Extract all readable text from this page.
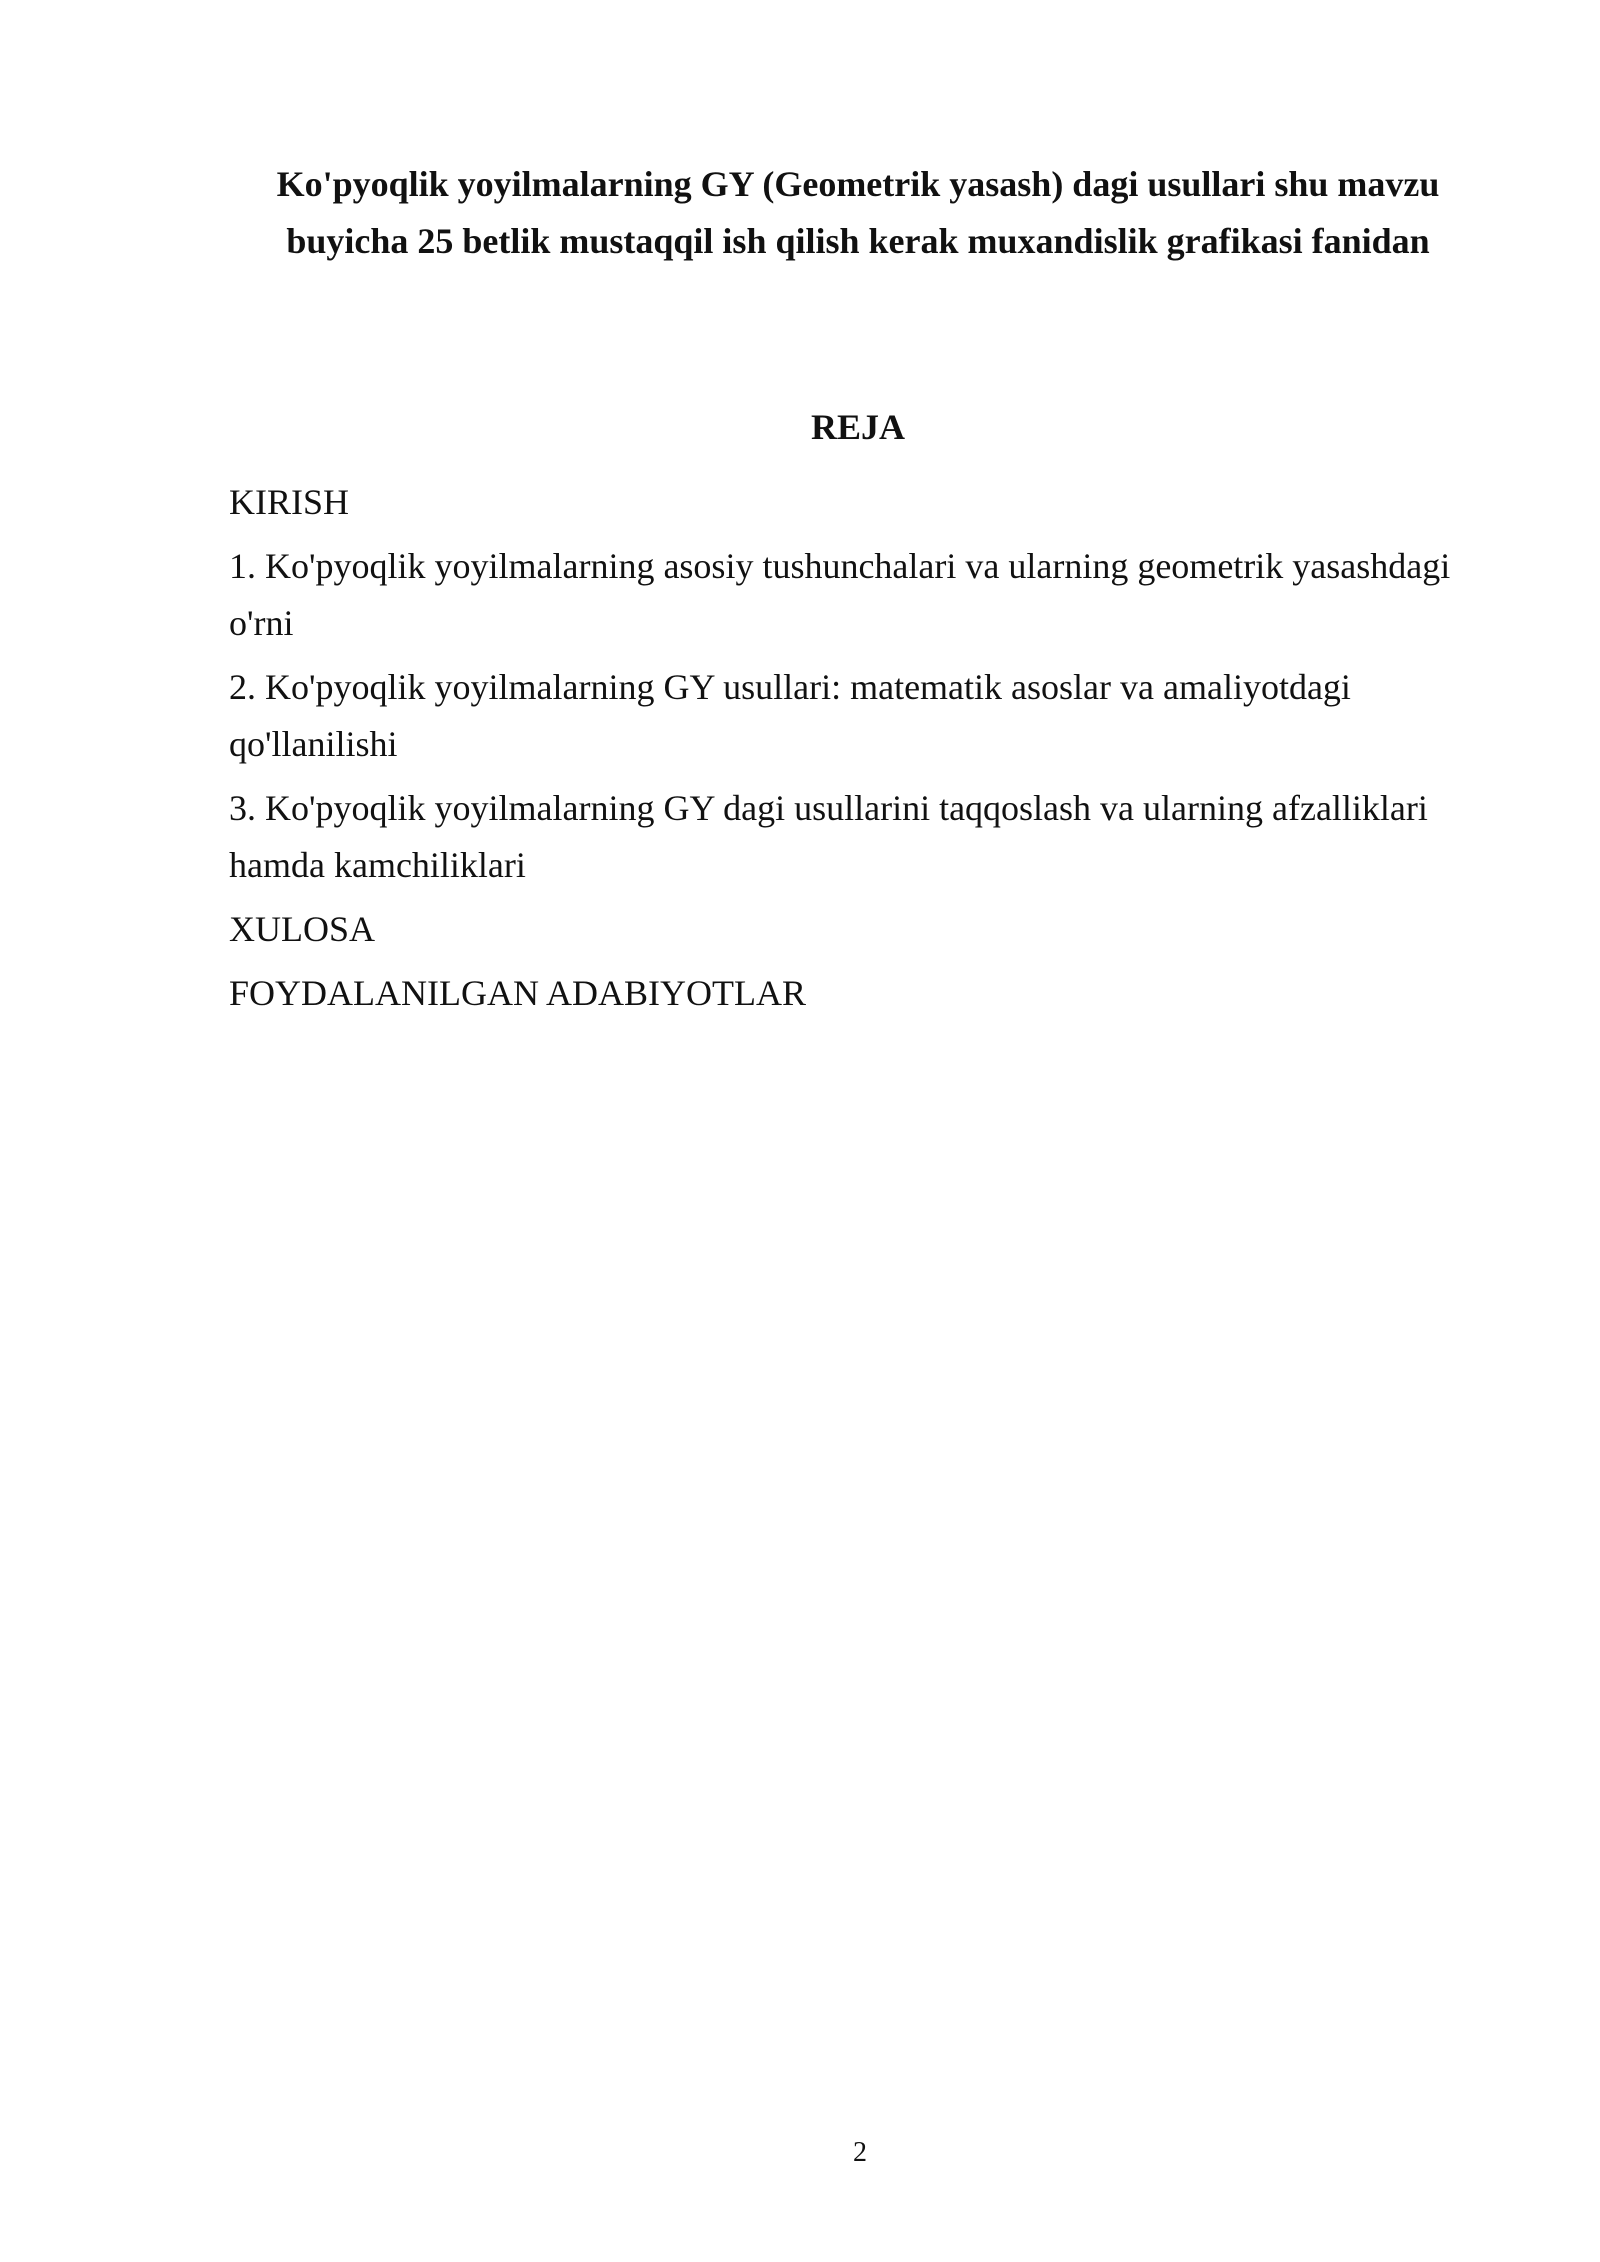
Ko'pyoqlik yoyilmalarning GY (Geometrik yasash) dagi usullari shu mavzu buyicha 25 betlik mustaqqil ish qilish kerak muxandislik grafikasi fanidan
REJA

KIRISH

1. Ko'pyoqlik yoyilmalarning asosiy tushunchalari va ularning geometrik yasashdagi o'rni

2. Ko'pyoqlik yoyilmalarning GY usullari: matematik asoslar va amaliyotdagi qo'llanilishi

3. Ko'pyoqlik yoyilmalarning GY dagi usullarini taqqoslash va ularning afzalliklari hamda kamchiliklari

XULOSA

FOYDALANILGAN ADABIYOTLAR

2
